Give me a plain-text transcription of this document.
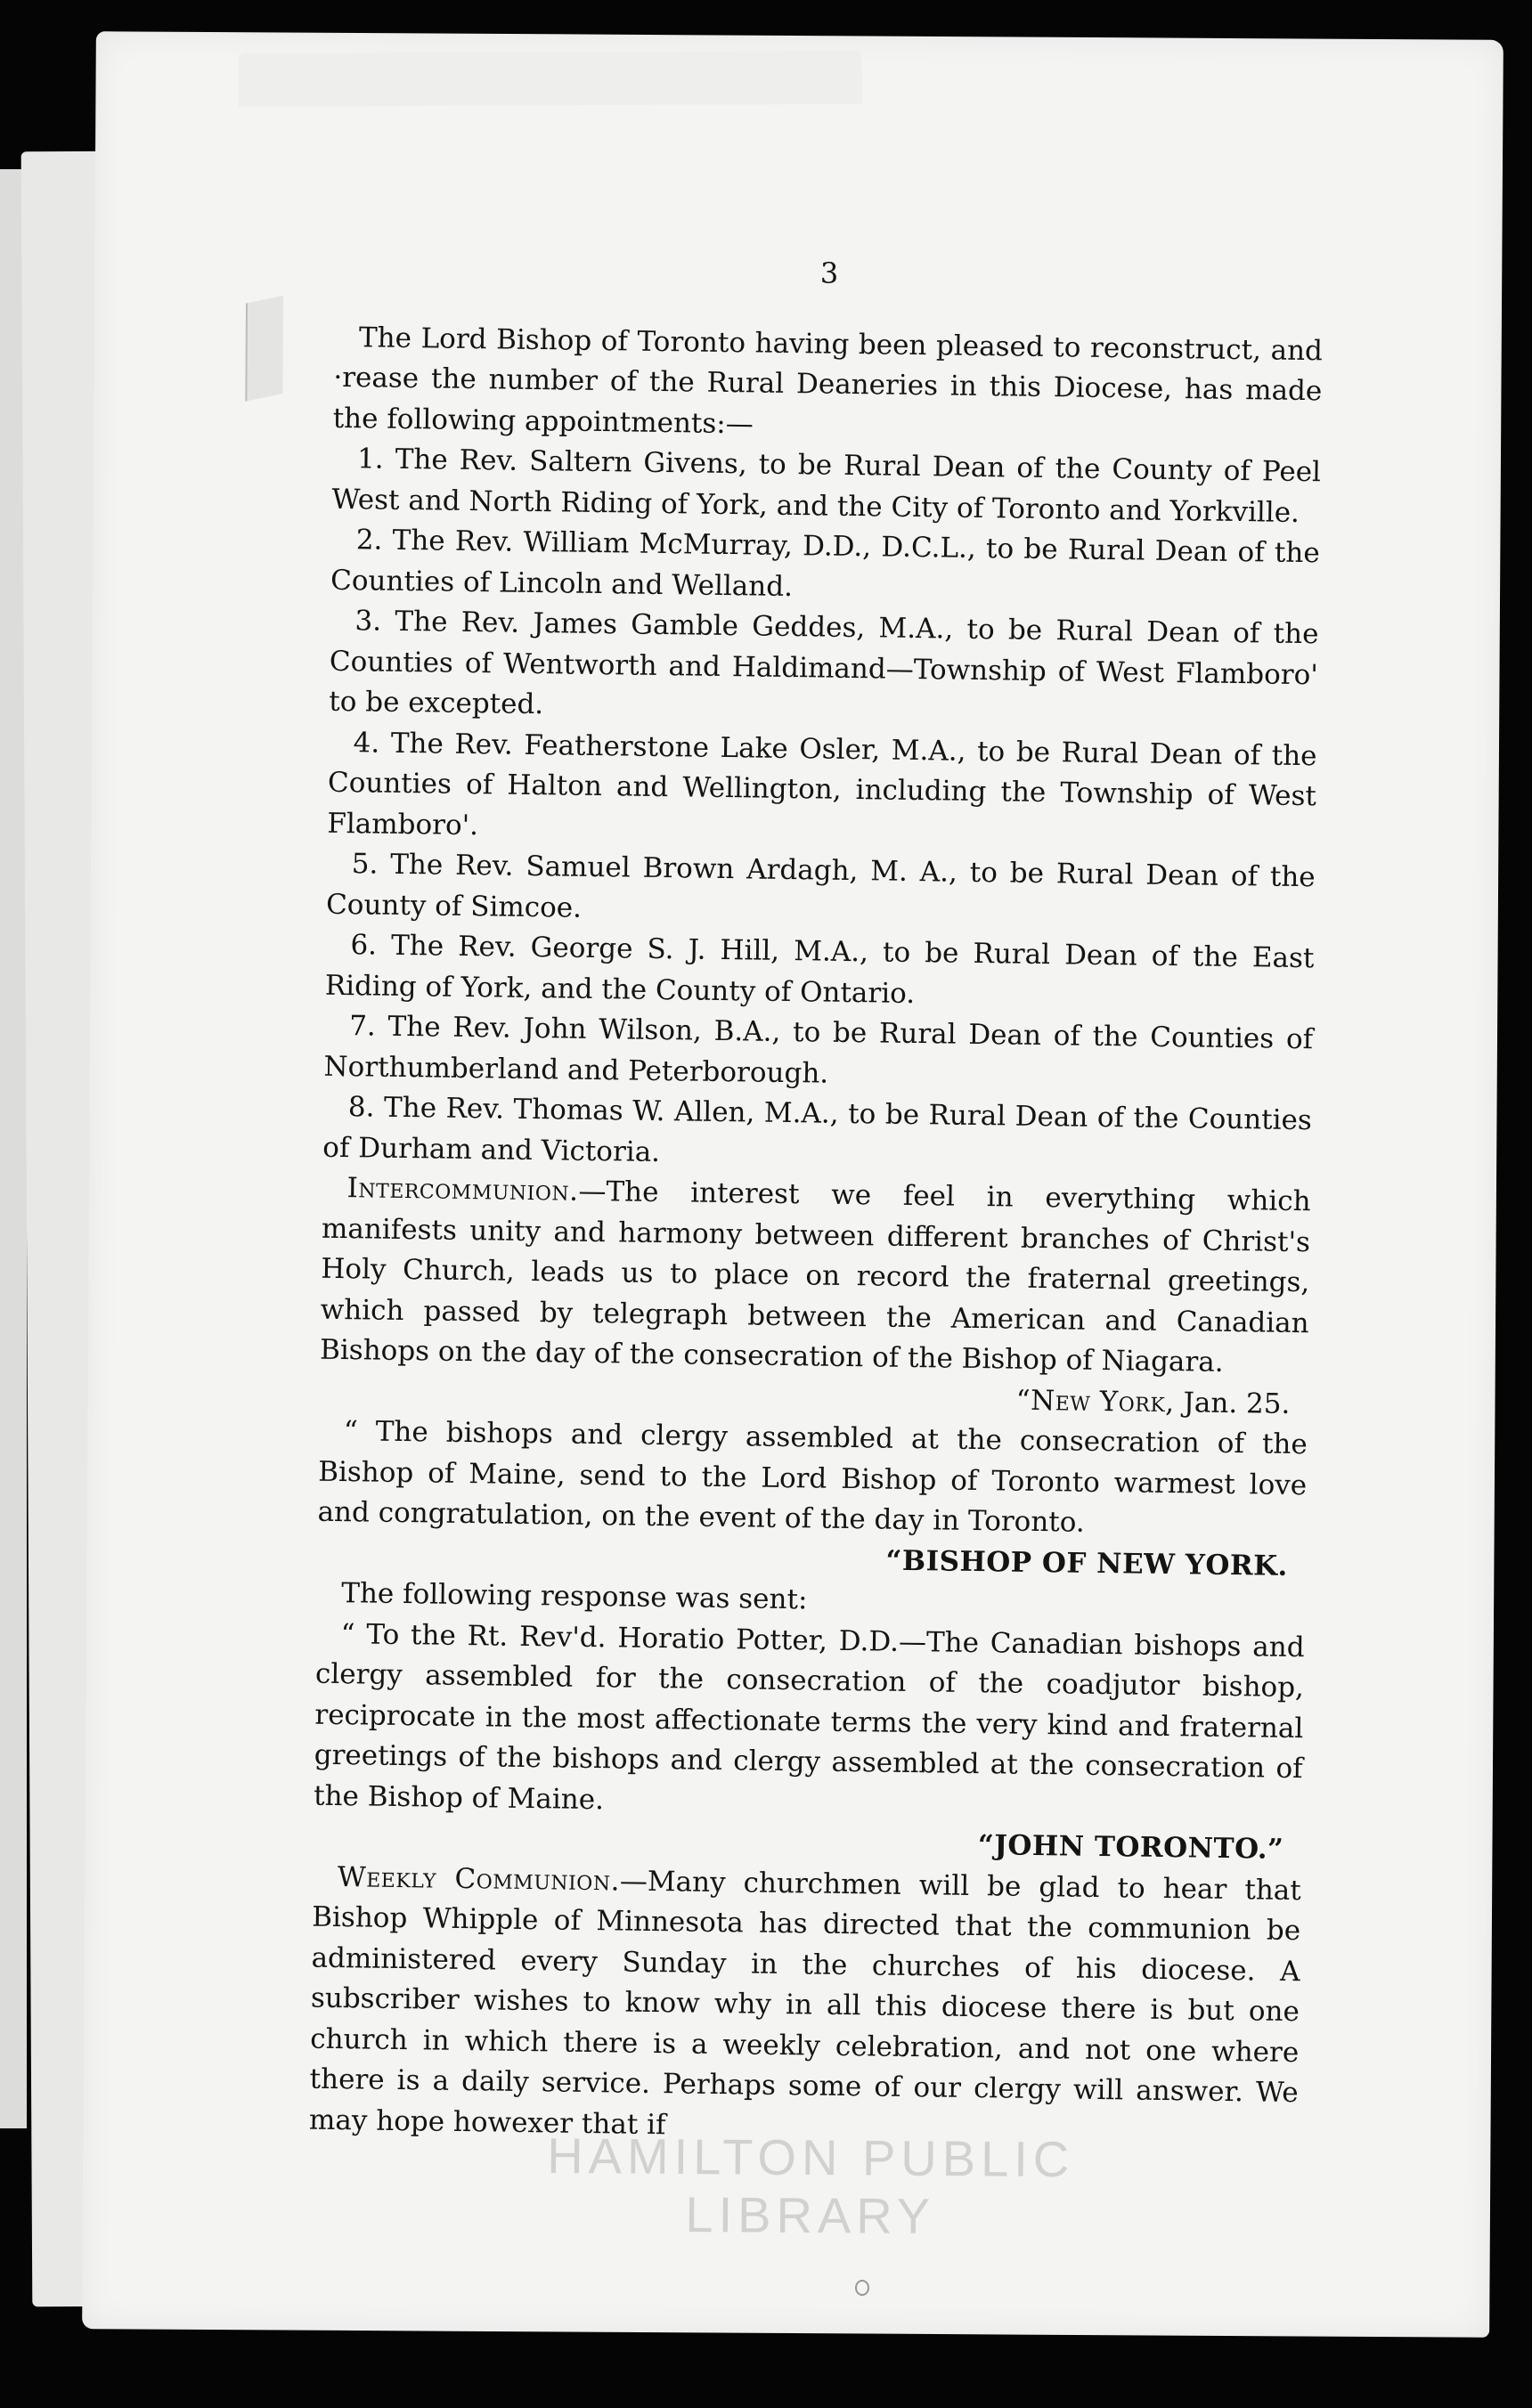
3

The Lord Bishop of Toronto having been pleased to reconstruct, and ·rease the number of the Rural Deaneries in this Diocese, has made the following appointments:—

1. The Rev. Saltern Givens, to be Rural Dean of the County of Peel West and North Riding of York, and the City of Toronto and Yorkville.

2. The Rev. William McMurray, D.D., D.C.L., to be Rural Dean of the Counties of Lincoln and Welland.

3. The Rev. James Gamble Geddes, M.A., to be Rural Dean of the Counties of Wentworth and Haldimand—Township of West Flamboro' to be excepted.

4. The Rev. Featherstone Lake Osler, M.A., to be Rural Dean of the Counties of Halton and Wellington, including the Township of West Flamboro'.

5. The Rev. Samuel Brown Ardagh, M. A., to be Rural Dean of the County of Simcoe.

6. The Rev. George S. J. Hill, M.A., to be Rural Dean of the East Riding of York, and the County of Ontario.

7. The Rev. John Wilson, B.A., to be Rural Dean of the Counties of Northumberland and Peterborough.

8. The Rev. Thomas W. Allen, M.A., to be Rural Dean of the Counties of Durham and Victoria.

Intercommunion.—The interest we feel in everything which manifests unity and harmony between different branches of Christ's Holy Church, leads us to place on record the fraternal greetings, which passed by telegraph between the American and Canadian Bishops on the day of the consecration of the Bishop of Niagara.

“New York, Jan. 25.

“ The bishops and clergy assembled at the consecration of the Bishop of Maine, send to the Lord Bishop of Toronto warmest love and congratulation, on the event of the day in Toronto.

“BISHOP OF NEW YORK.

The following response was sent:

“ To the Rt. Rev'd. Horatio Potter, D.D.—The Canadian bishops and clergy assembled for the consecration of the coadjutor bishop, reciprocate in the most affectionate terms the very kind and fraternal greetings of the bishops and clergy assembled at the consecration of the Bishop of Maine.

“JOHN TORONTO.”

Weekly Communion.—Many churchmen will be glad to hear that Bishop Whipple of Minnesota has directed that the communion be administered every Sunday in the churches of his diocese. A subscriber wishes to know why in all this diocese there is but one church in which there is a weekly celebration, and not one where there is a daily service. Perhaps some of our clergy will answer. We may hope howexer that if

HAMILTON PUBLIC LIBRARY
